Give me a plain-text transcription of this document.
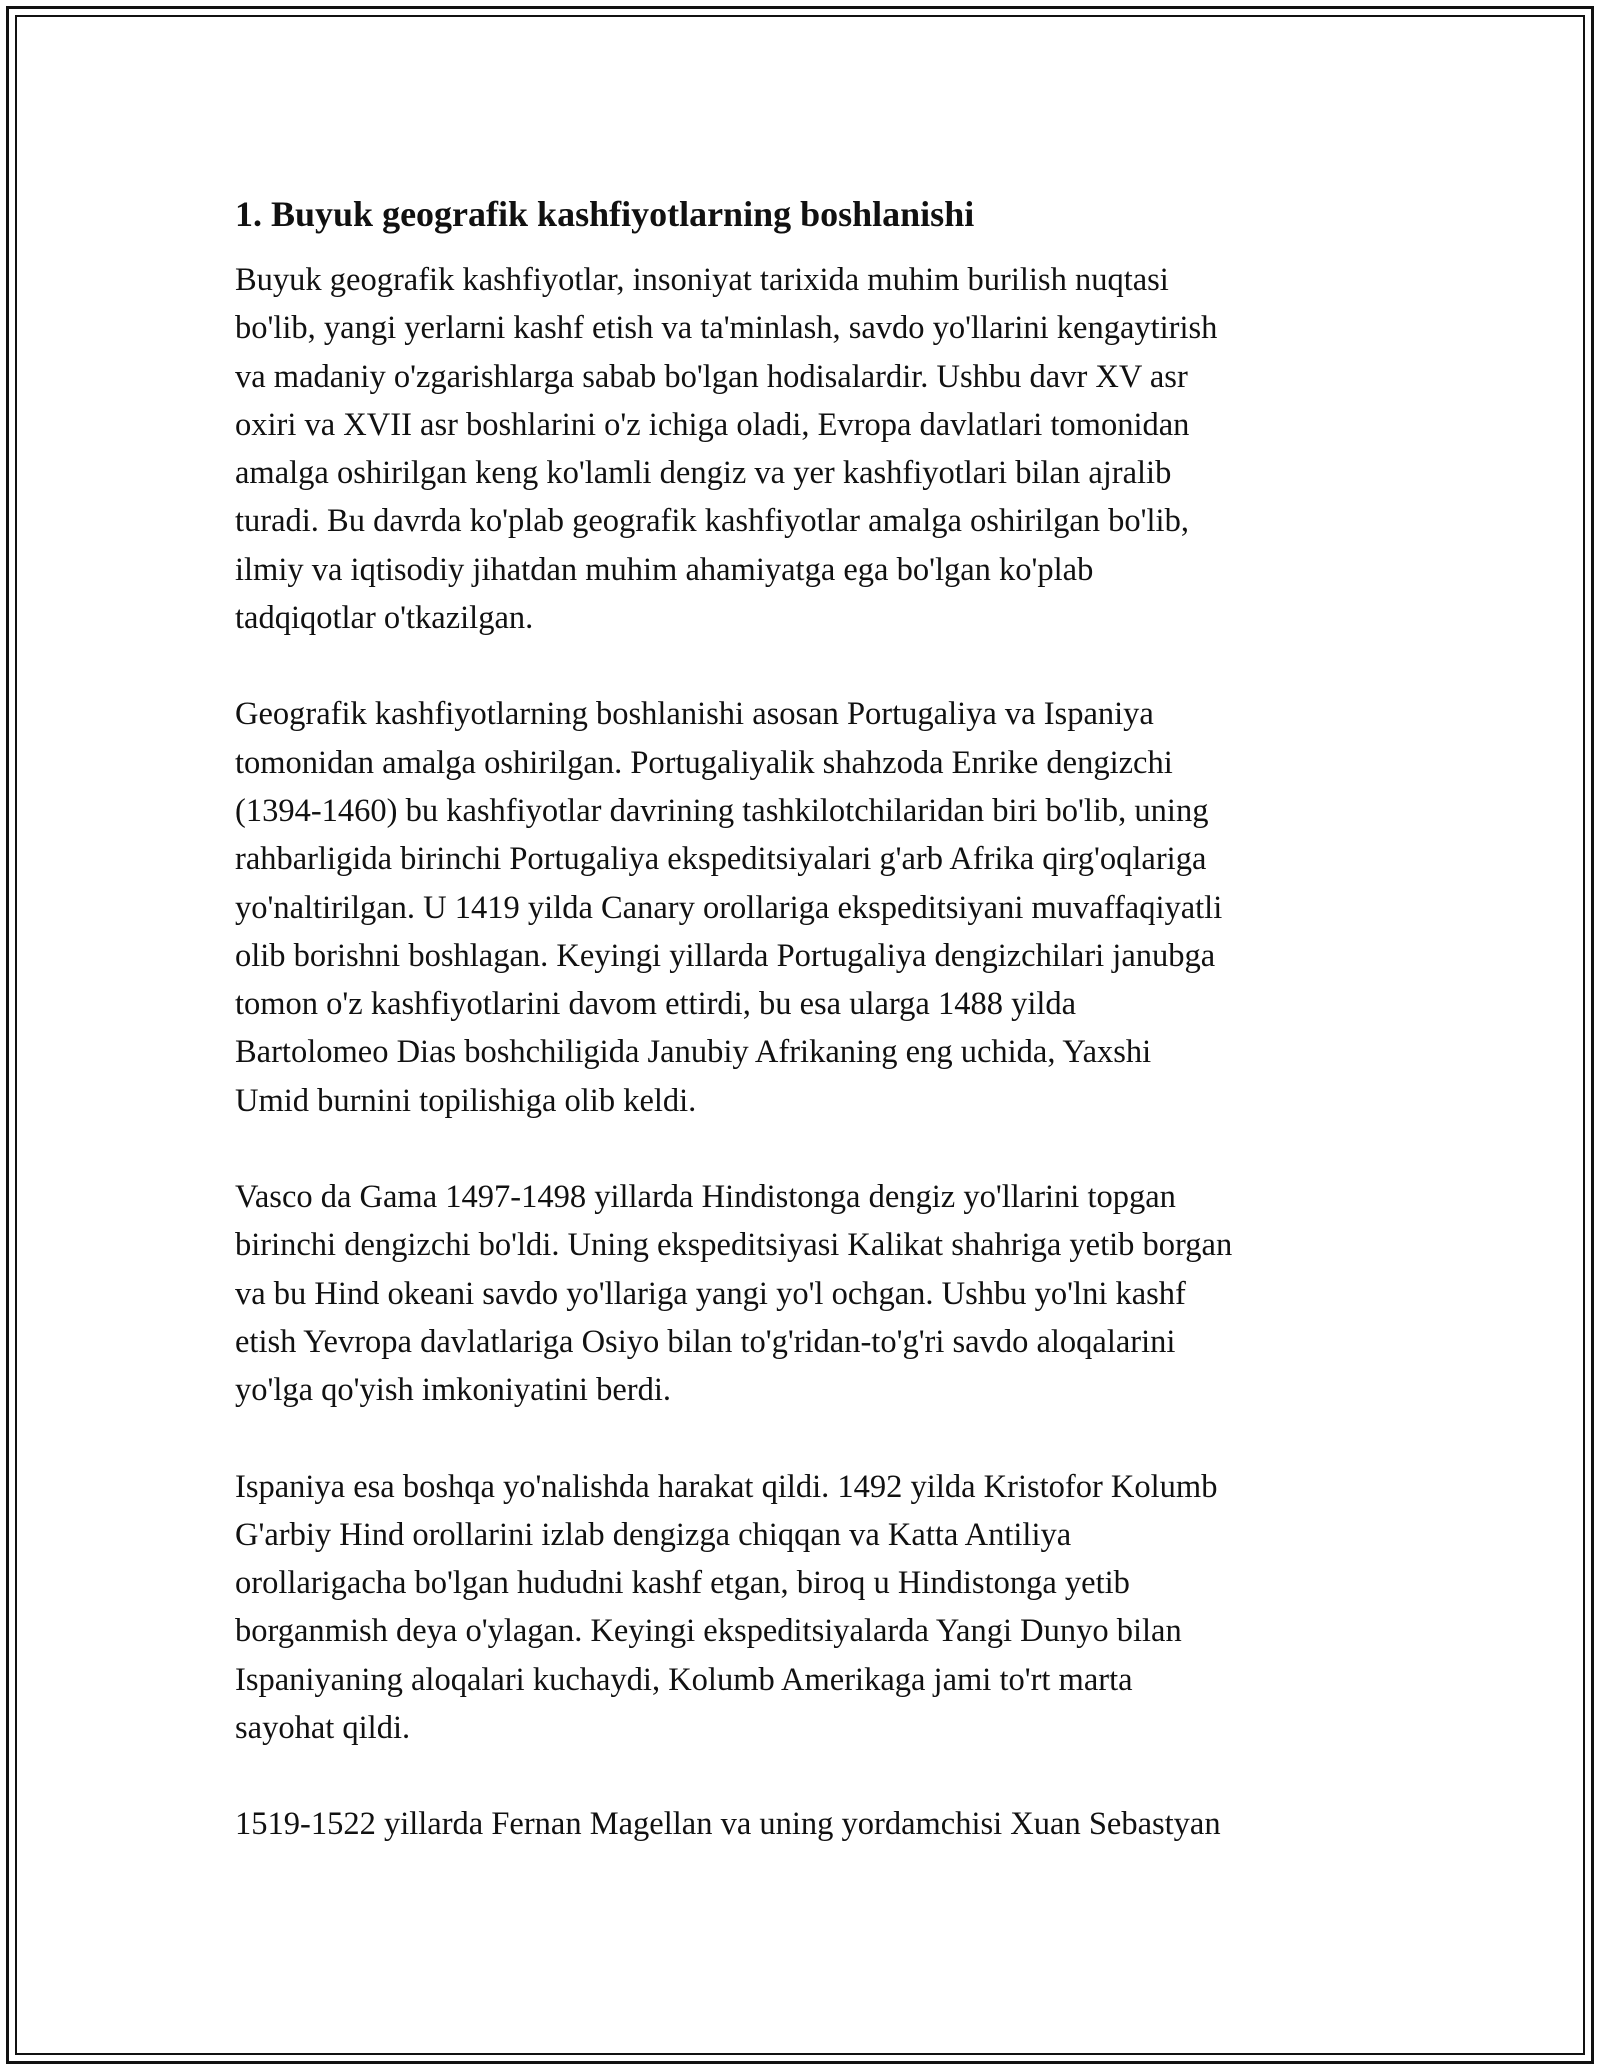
1. Buyuk geografik kashfiyotlarning boshlanishi

Buyuk geografik kashfiyotlar, insoniyat tarixida muhim burilish nuqtasi
bo'lib, yangi yerlarni kashf etish va ta'minlash, savdo yo'llarini kengaytirish
va madaniy o'zgarishlarga sabab bo'lgan hodisalardir. Ushbu davr XV asr
oxiri va XVII asr boshlarini o'z ichiga oladi, Evropa davlatlari tomonidan
amalga oshirilgan keng ko'lamli dengiz va yer kashfiyotlari bilan ajralib
turadi. Bu davrda ko'plab geografik kashfiyotlar amalga oshirilgan bo'lib,
ilmiy va iqtisodiy jihatdan muhim ahamiyatga ega bo'lgan ko'plab
tadqiqotlar o'tkazilgan.

Geografik kashfiyotlarning boshlanishi asosan Portugaliya va Ispaniya
tomonidan amalga oshirilgan. Portugaliyalik shahzoda Enrike dengizchi
(1394-1460) bu kashfiyotlar davrining tashkilotchilaridan biri bo'lib, uning
rahbarligida birinchi Portugaliya ekspeditsiyalari g'arb Afrika qirg'oqlariga
yo'naltirilgan. U 1419 yilda Canary orollariga ekspeditsiyani muvaffaqiyatli
olib borishni boshlagan. Keyingi yillarda Portugaliya dengizchilari janubga
tomon o'z kashfiyotlarini davom ettirdi, bu esa ularga 1488 yilda
Bartolomeo Dias boshchiligida Janubiy Afrikaning eng uchida, Yaxshi
Umid burnini topilishiga olib keldi.

Vasco da Gama 1497-1498 yillarda Hindistonga dengiz yo'llarini topgan
birinchi dengizchi bo'ldi. Uning ekspeditsiyasi Kalikat shahriga yetib borgan
va bu Hind okeani savdo yo'llariga yangi yo'l ochgan. Ushbu yo'lni kashf
etish Yevropa davlatlariga Osiyo bilan to'g'ridan-to'g'ri savdo aloqalarini
yo'lga qo'yish imkoniyatini berdi.

Ispaniya esa boshqa yo'nalishda harakat qildi. 1492 yilda Kristofor Kolumb
G'arbiy Hind orollarini izlab dengizga chiqqan va Katta Antiliya
orollarigacha bo'lgan hududni kashf etgan, biroq u Hindistonga yetib
borganmish deya o'ylagan. Keyingi ekspeditsiyalarda Yangi Dunyo bilan
Ispaniyaning aloqalari kuchaydi, Kolumb Amerikaga jami to'rt marta
sayohat qildi.

1519-1522 yillarda Fernan Magellan va uning yordamchisi Xuan Sebastyan
